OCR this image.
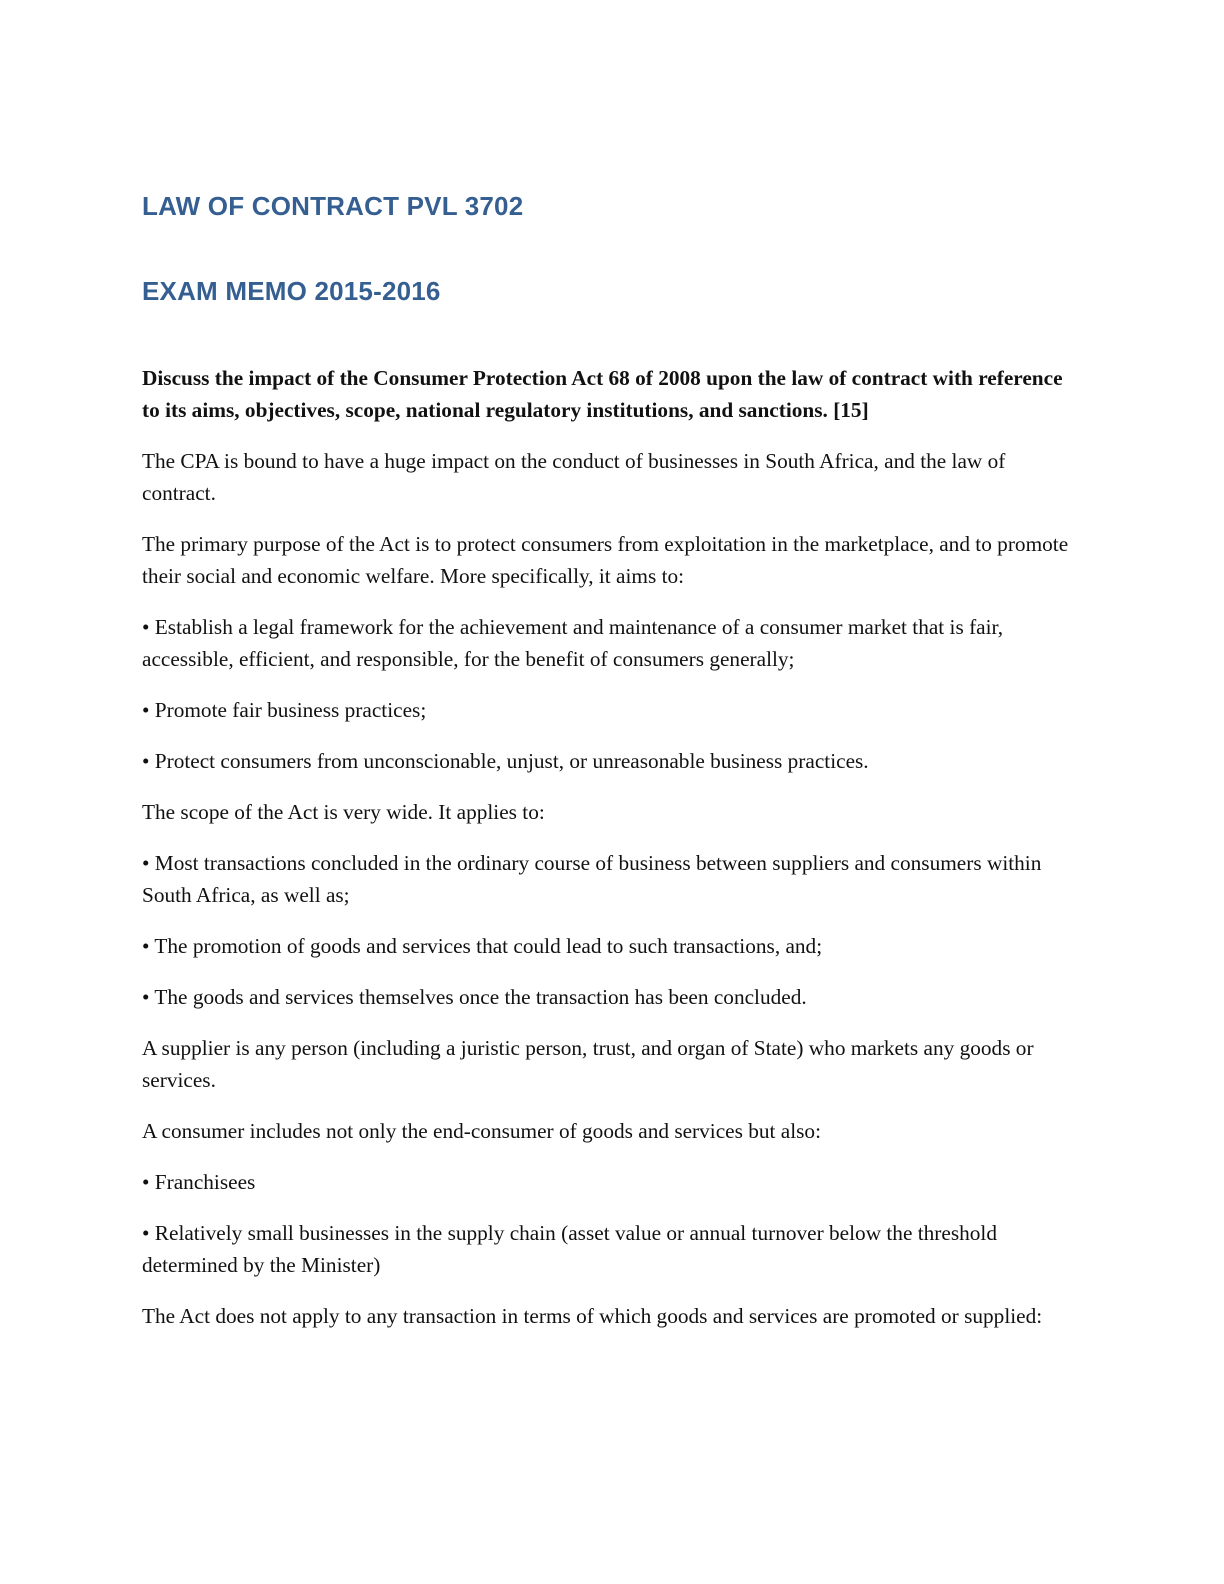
LAW OF CONTRACT PVL 3702
EXAM MEMO 2015-2016

Discuss the impact of the Consumer Protection Act 68 of 2008 upon the law of contract with reference to its aims, objectives, scope, national regulatory institutions, and sanctions. [15]

The CPA is bound to have a huge impact on the conduct of businesses in South Africa, and the law of contract.

The primary purpose of the Act is to protect consumers from exploitation in the marketplace, and to promote their social and economic welfare. More specifically, it aims to:

• Establish a legal framework for the achievement and maintenance of a consumer market that is fair, accessible, efficient, and responsible, for the benefit of consumers generally;

• Promote fair business practices;

• Protect consumers from unconscionable, unjust, or unreasonable business practices.

The scope of the Act is very wide. It applies to:

• Most transactions concluded in the ordinary course of business between suppliers and consumers within South Africa, as well as;

• The promotion of goods and services that could lead to such transactions, and;

• The goods and services themselves once the transaction has been concluded.

A supplier is any person (including a juristic person, trust, and organ of State) who markets any goods or services.

A consumer includes not only the end-consumer of goods and services but also:

• Franchisees

• Relatively small businesses in the supply chain (asset value or annual turnover below the threshold determined by the Minister)

The Act does not apply to any transaction in terms of which goods and services are promoted or supplied:
